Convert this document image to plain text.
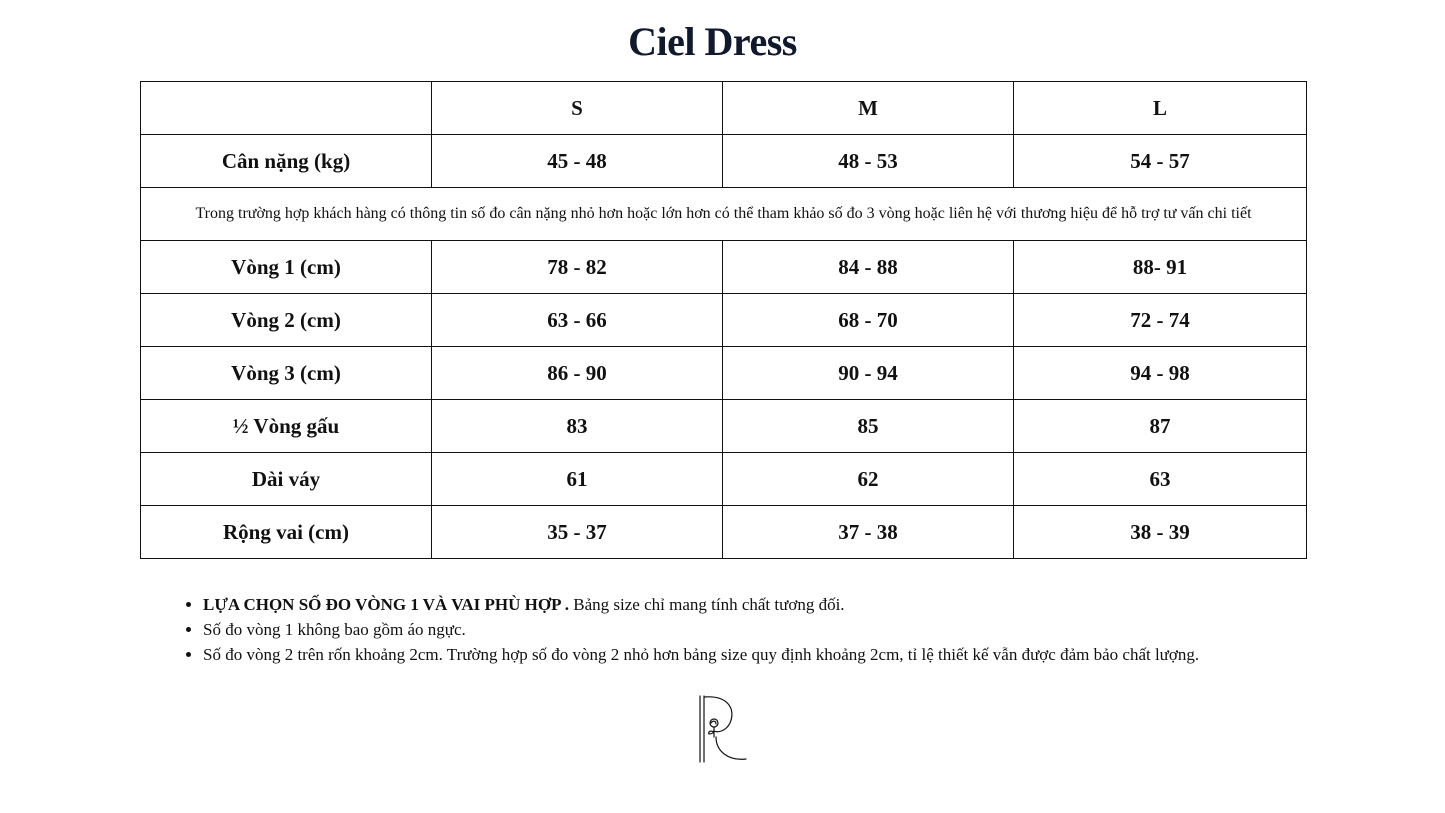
Ciel Dress
	S	M	L
Cân nặng (kg)	45 - 48	48 - 53	54 - 57
Trong trường hợp khách hàng có thông tin số đo cân nặng nhỏ hơn hoặc lớn hơn có thể tham khảo số đo 3 vòng hoặc liên hệ với thương hiệu để hỗ trợ tư vấn chi tiết			
Vòng 1 (cm)	78 - 82	84 - 88	88- 91
Vòng 2 (cm)	63 - 66	68 - 70	72 - 74
Vòng 3 (cm)	86 - 90	90 - 94	94 - 98
½ Vòng gấu	83	85	87
Dài váy	61	62	63
Rộng vai (cm)	35 - 37	37 - 38	38 - 39
• LỰA CHỌN SỐ ĐO VÒNG 1 VÀ VAI PHÙ HỢP . Bảng size chỉ mang tính chất tương đối.
• Số đo vòng 1 không bao gồm áo ngực.
• Số đo vòng 2 trên rốn khoảng 2cm. Trường hợp số đo vòng 2 nhỏ hơn bảng size quy định khoảng 2cm, tỉ lệ thiết kế vẫn được đảm bảo chất lượng.
